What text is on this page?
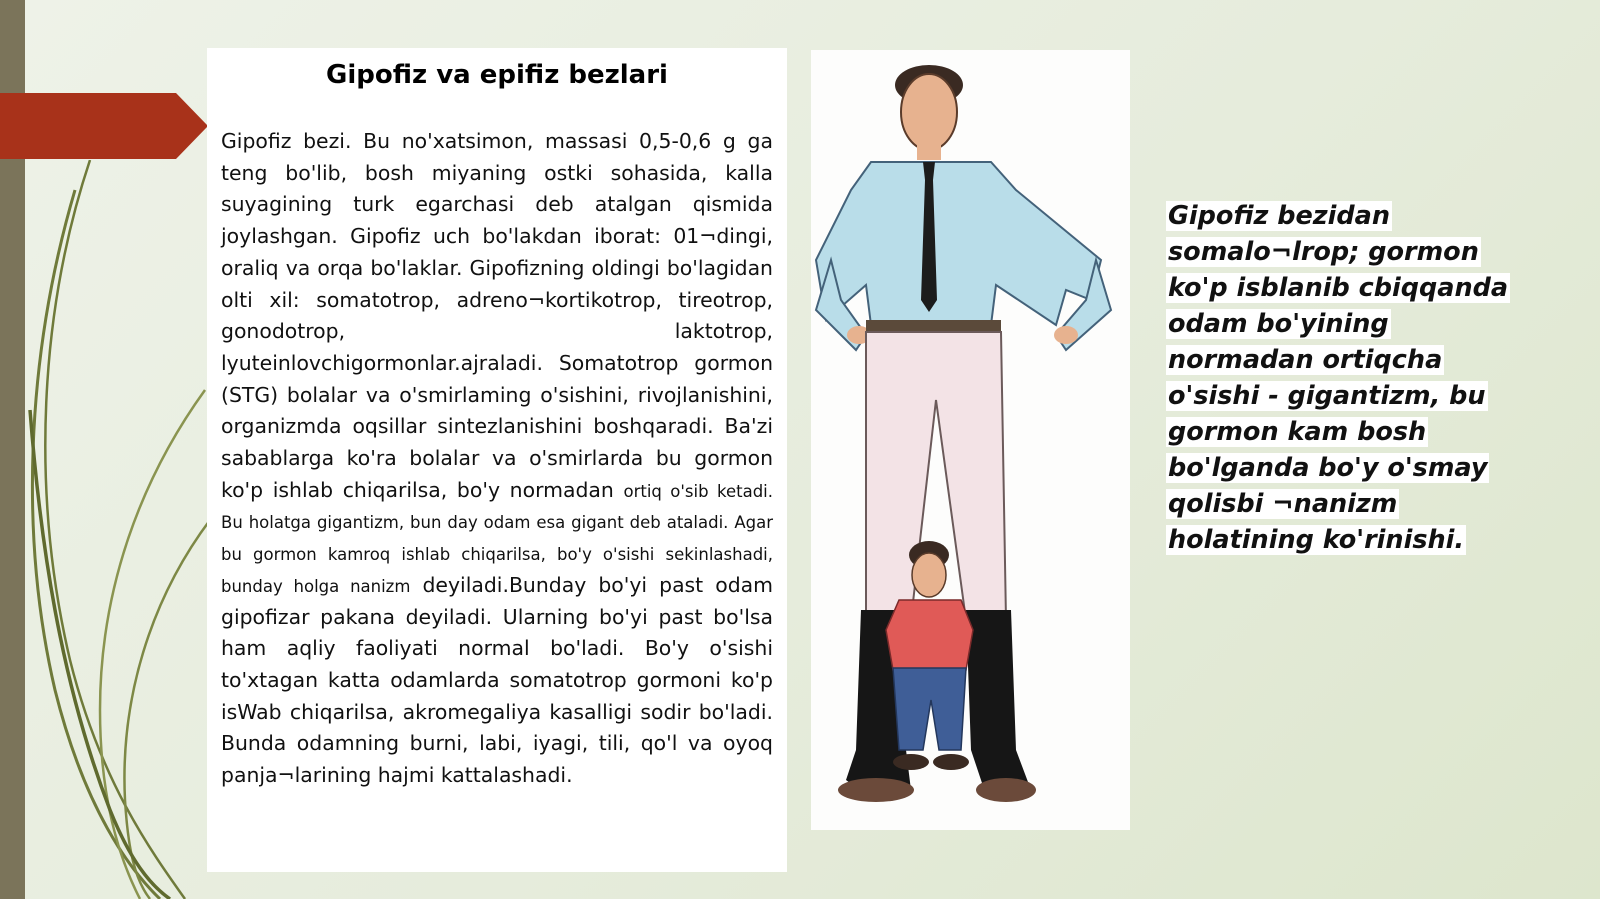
Gipofiz va epifiz bezlari

Gipofiz bezi. Bu no'xatsimon, massasi 0,5-0,6 g ga teng bo'lib, bosh miyaning ostki sohasida, kalla suyagining turk egarchasi deb atalgan qismida joylashgan. Gipofiz uch bo'lakdan iborat: 01¬dingi, oraliq va orqa bo'laklar. Gipofizning oldingi bo'lagidan olti xil: somatotrop, adreno¬kortikotrop, tireotrop, gonodotrop, laktotrop, lyuteinlovchigormonlar.ajraladi. Somatotrop gormon (STG) bolalar va o'smirlaming o'sishini, rivojlanishini, organizmda oqsillar sintezlanishini boshqaradi. Ba'zi sabablarga ko'ra bolalar va o'smirlarda bu gormon ko'p ishlab chiqarilsa, bo'y normadan ortiq o'sib ketadi. Bu holatga gigantizm, bun day odam esa gigant deb ataladi. Agar bu gormon kamroq ishlab chiqarilsa, bo'y o'sishi sekinlashadi, bunday holga nanizm deyiladi.Bunday bo'yi past odam gipofizar pakana deyiladi. Ularning bo'yi past bo'lsa ham aqliy faoliyati normal bo'ladi. Bo'y o'sishi to'xtagan katta odamlarda somatotrop gormoni ko'p isWab chiqarilsa, akromegaliya kasalligi sodir bo'ladi. Bunda odamning burni, labi, iyagi, tili, qo'l va oyoq panja¬larining hajmi kattalashadi.

Gipofiz bezidan somalo¬lrop; gormon ko'p isblanib cbiqqanda odam bo'yining normadan ortiqcha o'sishi - gigantizm, bu gormon kam bosh bo'lganda bo'y o'smay qolisbi ¬nanizm holatining ko'rinishi.
